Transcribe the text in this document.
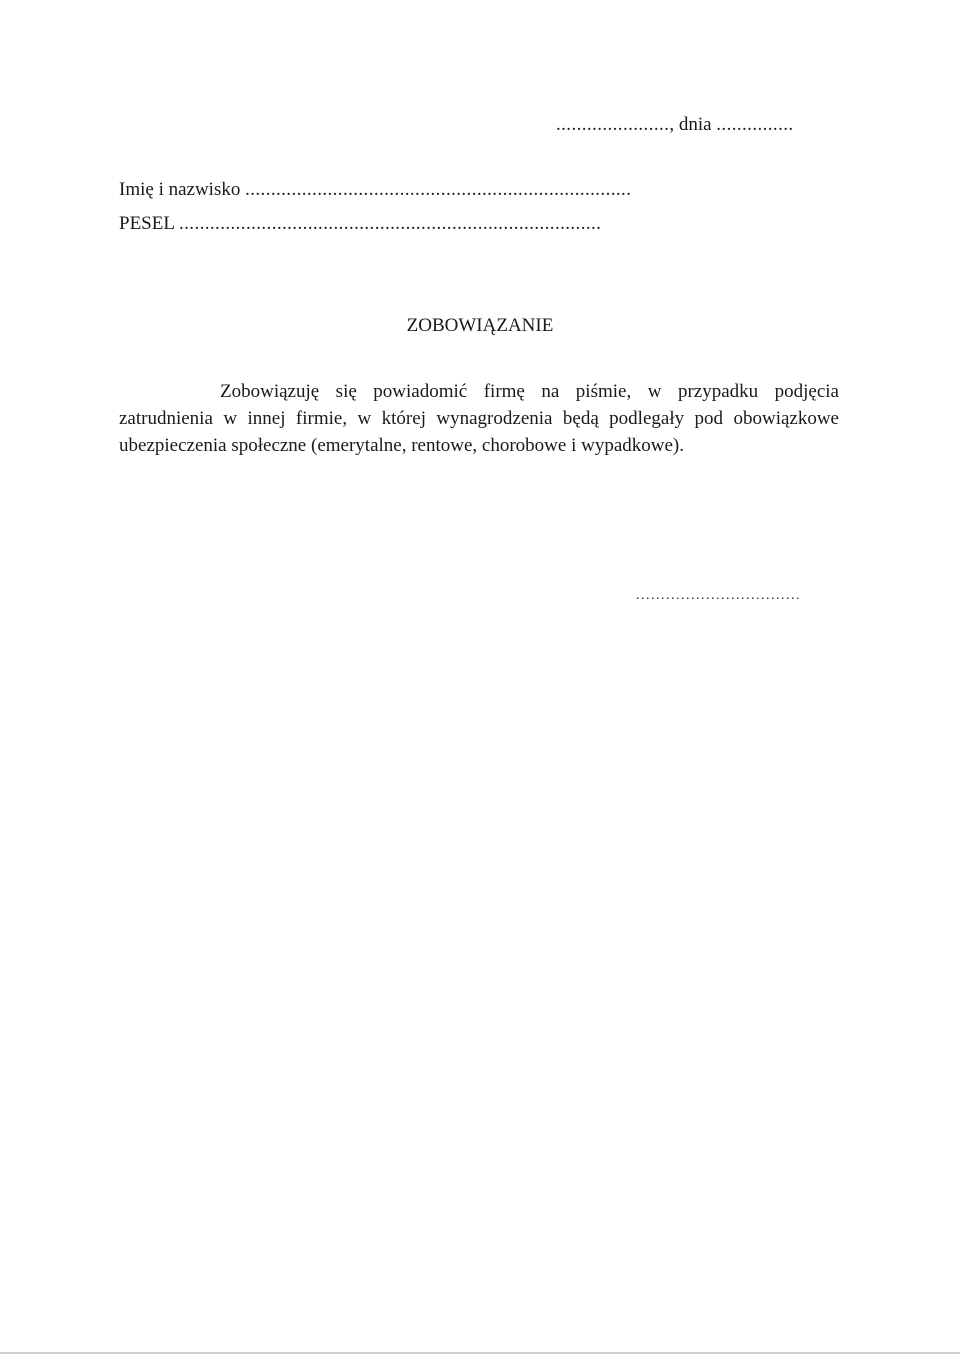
......................, dnia ...............
Imię i nazwisko ...........................................................................
PESEL ..................................................................................
ZOBOWIĄZANIE
Zobowiązuję się powiadomić firmę na piśmie, w przypadku podjęcia zatrudnienia w innej firmie, w której wynagrodzenia będą podlegały pod obowiązkowe ubezpieczenia społeczne (emerytalne, rentowe, chorobowe i wypadkowe).
.................................
